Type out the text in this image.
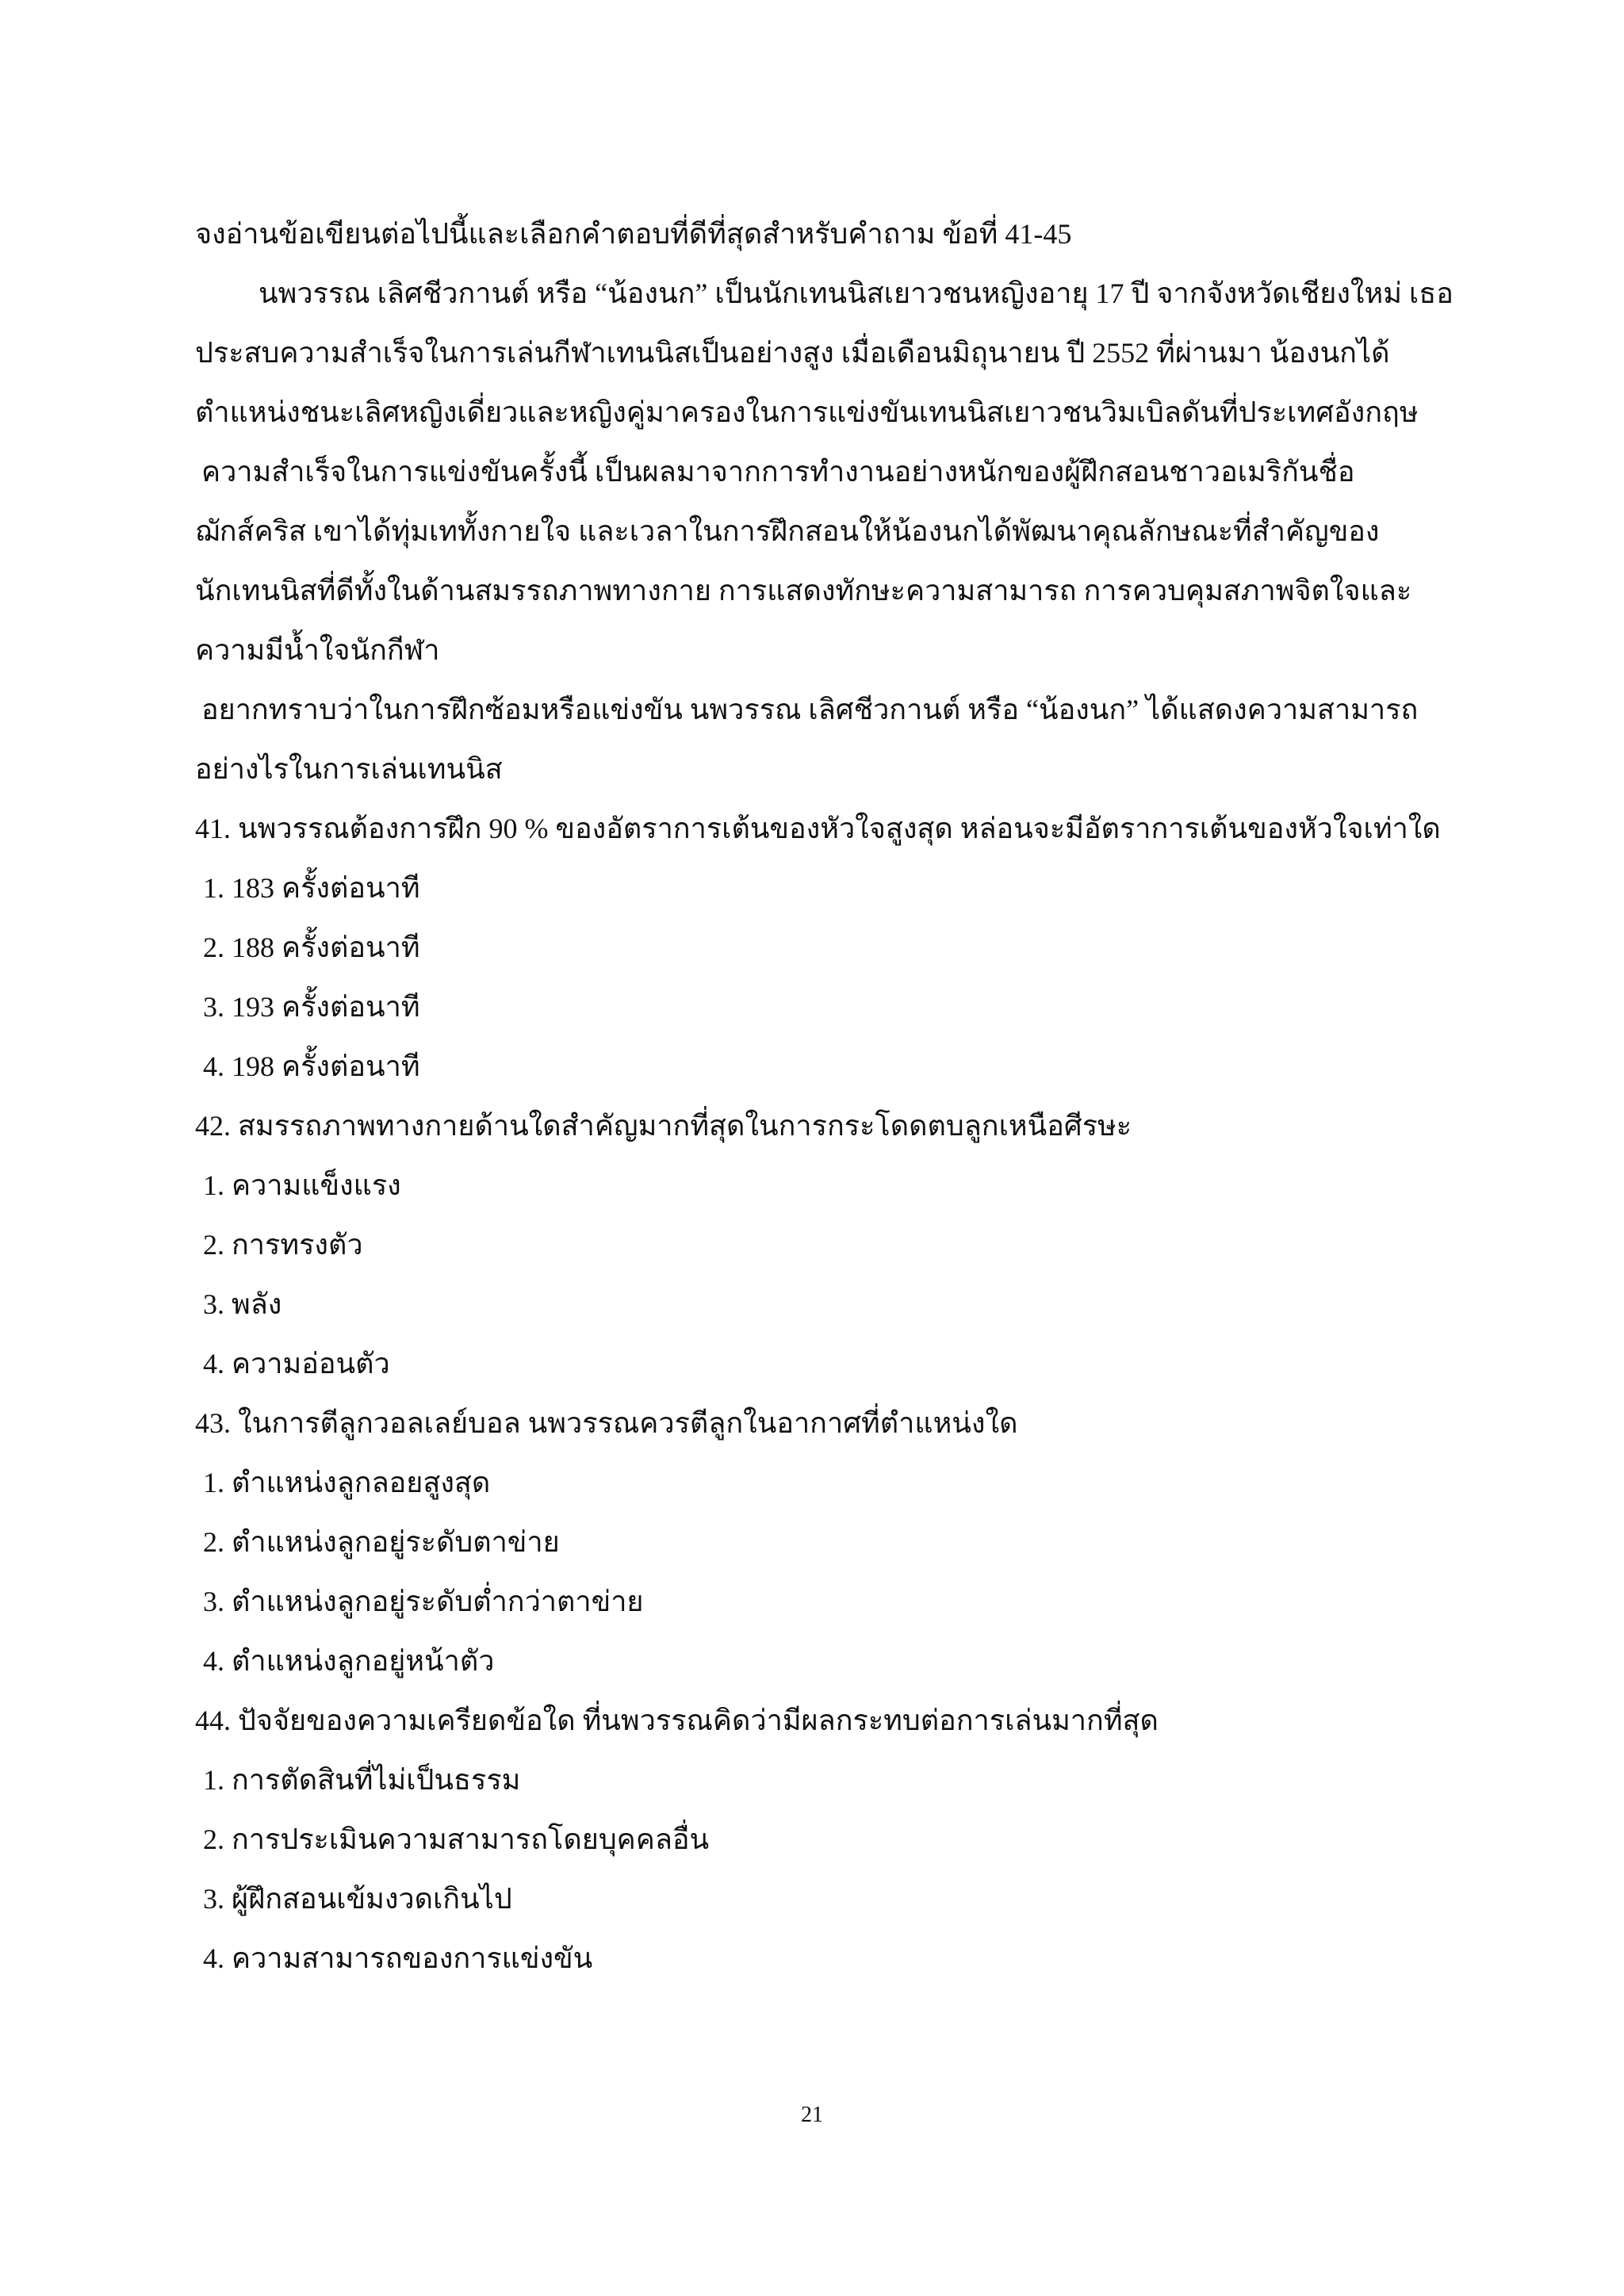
จงอ่านข้อเขียนต่อไปนี้และเลือกคำตอบที่ดีที่สุดสำหรับคำถาม ข้อที่ 41-45
นพวรรณ เลิศชีวกานต์ หรือ “น้องนก” เป็นนักเทนนิสเยาวชนหญิงอายุ 17 ปี จากจังหวัดเชียงใหม่ เธอ
ประสบความสำเร็จในการเล่นกีฬาเทนนิสเป็นอย่างสูง เมื่อเดือนมิถุนายน ปี 2552 ที่ผ่านมา น้องนกได้
ตำแหน่งชนะเลิศหญิงเดี่ยวและหญิงคู่มาครองในการแข่งขันเทนนิสเยาวชนวิมเบิลดันที่ประเทศอังกฤษ
ความสำเร็จในการแข่งขันครั้งนี้ เป็นผลมาจากการทำงานอย่างหนักของผู้ฝึกสอนชาวอเมริกันชื่อ
ฌักส์คริส เขาได้ทุ่มเททั้งกายใจ และเวลาในการฝึกสอนให้น้องนกได้พัฒนาคุณลักษณะที่สำคัญของ
นักเทนนิสที่ดีทั้งในด้านสมรรถภาพทางกาย การแสดงทักษะความสามารถ การควบคุมสภาพจิตใจและ
ความมีน้ำใจนักกีฬา
อยากทราบว่าในการฝึกซ้อมหรือแข่งขัน นพวรรณ เลิศชีวกานต์ หรือ “น้องนก” ได้แสดงความสามารถ
อย่างไรในการเล่นเทนนิส
41. นพวรรณต้องการฝึก 90 % ของอัตราการเต้นของหัวใจสูงสุด หล่อนจะมีอัตราการเต้นของหัวใจเท่าใด
1. 183 ครั้งต่อนาที
2. 188 ครั้งต่อนาที
3. 193 ครั้งต่อนาที
4. 198 ครั้งต่อนาที
42. สมรรถภาพทางกายด้านใดสำคัญมากที่สุดในการกระโดดตบลูกเหนือศีรษะ
1. ความแข็งแรง
2. การทรงตัว
3. พลัง
4. ความอ่อนตัว
43. ในการตีลูกวอลเลย์บอล นพวรรณควรตีลูกในอากาศที่ตำแหน่งใด
1. ตำแหน่งลูกลอยสูงสุด
2. ตำแหน่งลูกอยู่ระดับตาข่าย
3. ตำแหน่งลูกอยู่ระดับต่ำกว่าตาข่าย
4. ตำแหน่งลูกอยู่หน้าตัว
44. ปัจจัยของความเครียดข้อใด ที่นพวรรณคิดว่ามีผลกระทบต่อการเล่นมากที่สุด
1. การตัดสินที่ไม่เป็นธรรม
2. การประเมินความสามารถโดยบุคคลอื่น
3. ผู้ฝึกสอนเข้มงวดเกินไป
4. ความสามารถของการแข่งขัน
21
